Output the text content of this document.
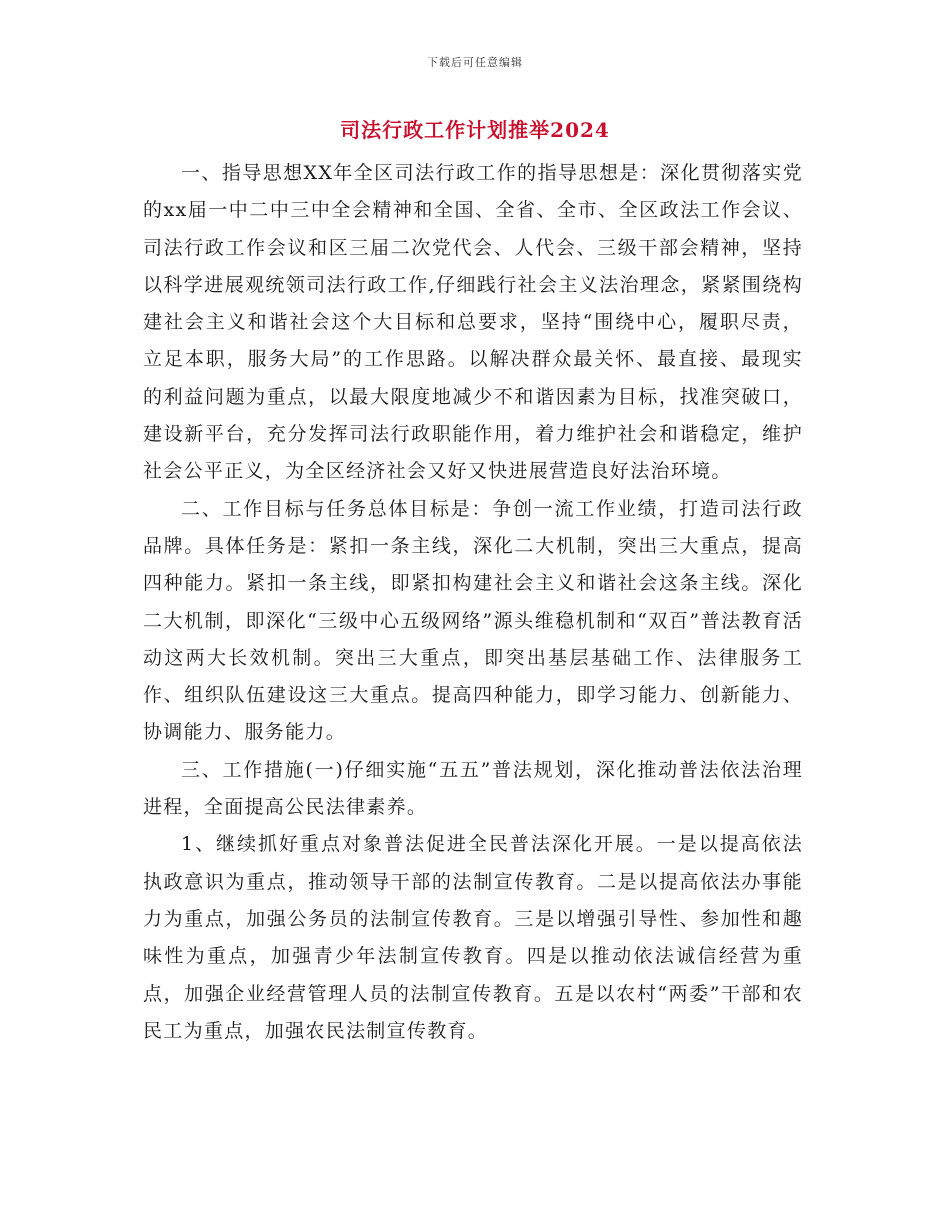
下载后可任意编辑
司法行政工作计划推举2024

一、指导思想XX年全区司法行政工作的指导思想是：深化贯彻落实党的xx届一中二中三中全会精神和全国、全省、全市、全区政法工作会议、司法行政工作会议和区三届二次党代会、人代会、三级干部会精神，坚持以科学进展观统领司法行政工作,仔细践行社会主义法治理念，紧紧围绕构建社会主义和谐社会这个大目标和总要求，坚持“围绕中心，履职尽责，立足本职，服务大局”的工作思路。以解决群众最关怀、最直接、最现实的利益问题为重点，以最大限度地减少不和谐因素为目标，找准突破口，建设新平台，充分发挥司法行政职能作用，着力维护社会和谐稳定，维护社会公平正义，为全区经济社会又好又快进展营造良好法治环境。

二、工作目标与任务总体目标是：争创一流工作业绩，打造司法行政品牌。具体任务是：紧扣一条主线，深化二大机制，突出三大重点，提高四种能力。紧扣一条主线，即紧扣构建社会主义和谐社会这条主线。深化二大机制，即深化“三级中心五级网络”源头维稳机制和“双百”普法教育活动这两大长效机制。突出三大重点，即突出基层基础工作、法律服务工作、组织队伍建设这三大重点。提高四种能力，即学习能力、创新能力、协调能力、服务能力。

三、工作措施(一)仔细实施“五五”普法规划，深化推动普法依法治理进程，全面提高公民法律素养。

1、继续抓好重点对象普法促进全民普法深化开展。一是以提高依法执政意识为重点，推动领导干部的法制宣传教育。二是以提高依法办事能力为重点，加强公务员的法制宣传教育。三是以增强引导性、参加性和趣味性为重点，加强青少年法制宣传教育。四是以推动依法诚信经营为重点，加强企业经营管理人员的法制宣传教育。五是以农村“两委”干部和农民工为重点，加强农民法制宣传教育。
